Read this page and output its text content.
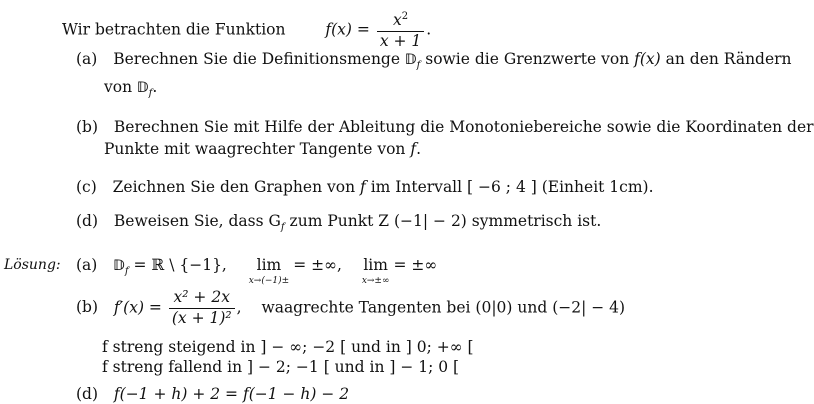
Wir betrachten die Funktion	$f(x) = \frac{x^2}{x + 1}$ .
(a) Berechnen Sie die Definitionsmenge 𝔻$_f$ sowie die Grenzwerte von f(x) an den Rändern
von 𝔻$_f$.
(b) Berechnen Sie mit Hilfe der Ableitung die Monotoniebereiche sowie die Koordinaten der
Punkte mit waagrechter Tangente von f.
(c) Zeichnen Sie den Graphen von f im Intervall [ −6 ; 4 ] (Einheit 1cm).
(d) Beweisen Sie, dass $G_f$ zum Punkt Z (−1| − 2) symmetrisch ist.
Lösung: (a) 𝔻$_f$ = ℝ \ {−1},	lim
x→(−1)±
= ±∞, lim
x→±∞
= ±∞
(b) $f'(x) = \frac{\text{x² + 2x}}{\text{(x + 1)²}}$ , waagrechte Tangenten bei (0|0) und (−2| − 4)
f streng steigend in ] − ∞; −2 [ und in ] 0; +∞ [
f streng fallend in ] − 2; −1 [ und in ] − 1; 0 [
(d) f(−1 + h) + 2 = f(−1 − h) − 2
